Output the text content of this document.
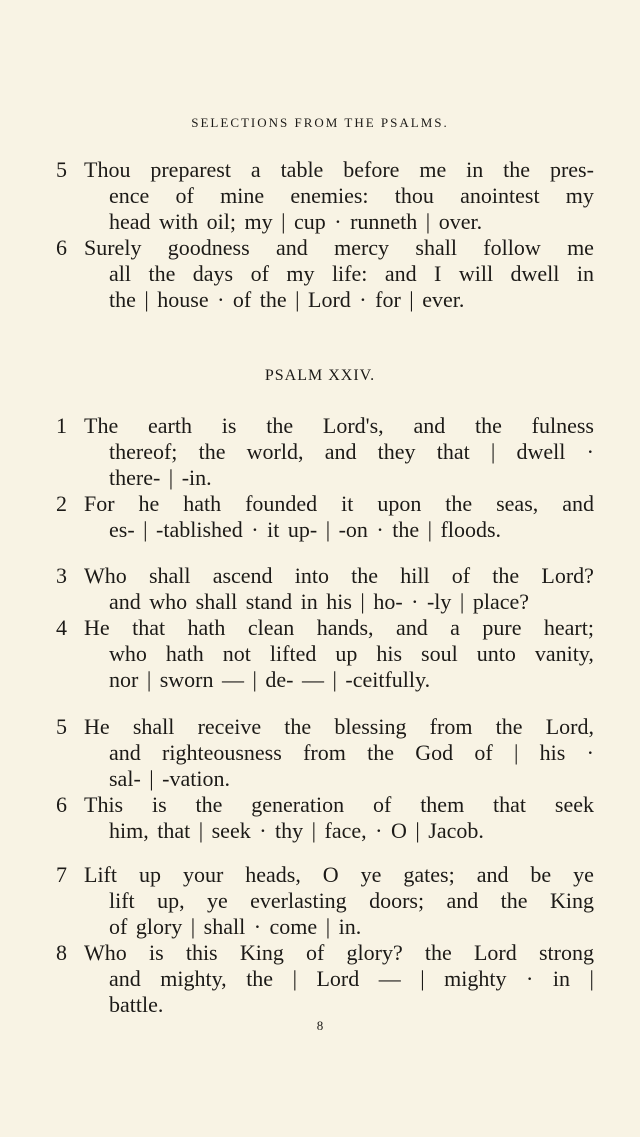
SELECTIONS FROM THE PSALMS.
PSALM XXIV.
5 Thou preparest a table before me in the pres-
ence of mine enemies: thou anointest my
head with oil; my | cup · runneth | over.
6 Surely goodness and mercy shall follow me
all the days of my life: and I will dwell in
the | house · of the | Lord · for | ever.
1 The earth is the Lord's, and the fulness
thereof; the world, and they that | dwell ·
there- | -in.
2 For he hath founded it upon the seas, and
es- | -tablished · it up- | -on · the | floods.
3 Who shall ascend into the hill of the Lord?
and who shall stand in his | ho- · -ly | place?
4 He that hath clean hands, and a pure heart;
who hath not lifted up his soul unto vanity,
nor | sworn — | de- — | -ceitfully.
5 He shall receive the blessing from the Lord,
and righteousness from the God of | his ·
sal- | -vation.
6 This is the generation of them that seek
him, that | seek · thy | face, · O | Jacob.
7 Lift up your heads, O ye gates; and be ye
lift up, ye everlasting doors; and the King
of glory | shall · come | in.
8 Who is this King of glory? the Lord strong
and mighty, the | Lord — | mighty · in |
battle.
8
